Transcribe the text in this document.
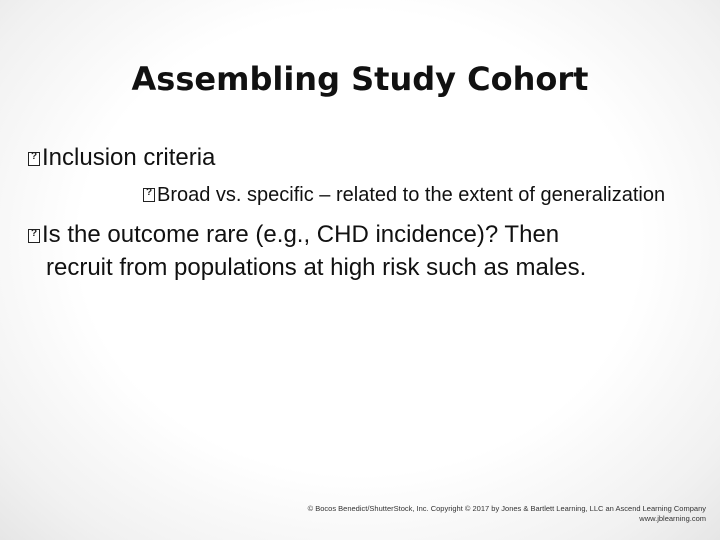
Assembling Study Cohort
?Inclusion criteria
?Broad vs. specific – related to the extent of generalization
?Is the outcome rare (e.g., CHD incidence)? Then
recruit from populations at high risk such as males.
© Bocos Benedict/ShutterStock, Inc. Copyright © 2017 by Jones & Bartlett Learning, LLC an Ascend Learning Company
www.jblearning.com
